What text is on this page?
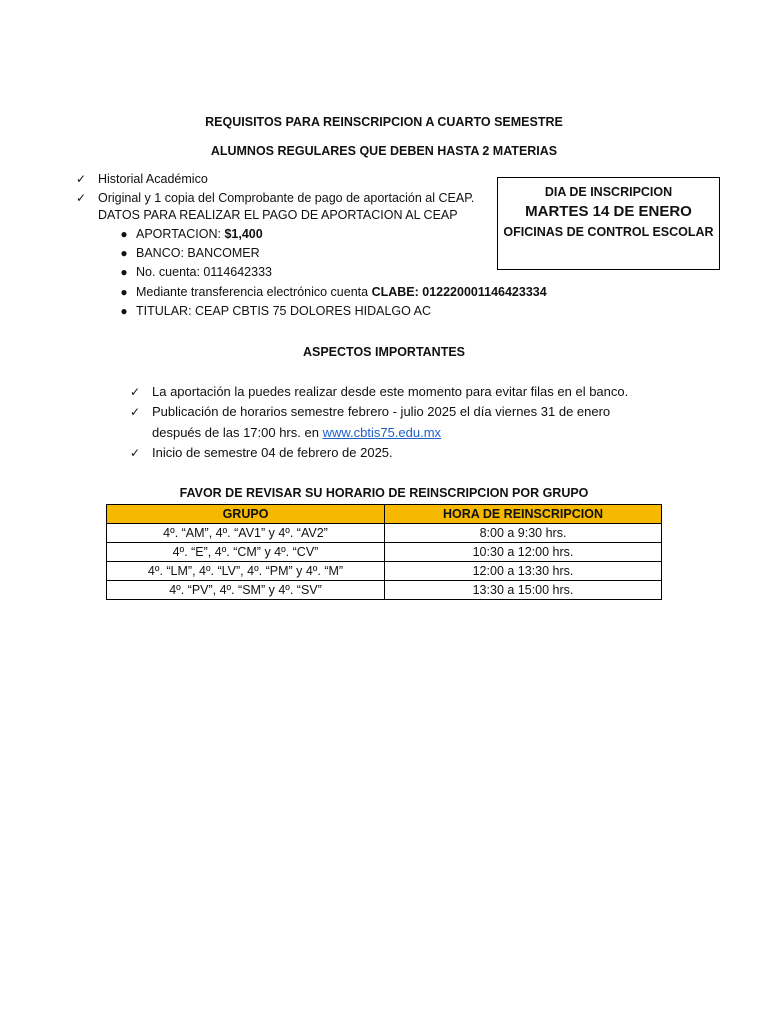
REQUISITOS PARA REINSCRIPCION A CUARTO SEMESTRE
ALUMNOS REGULARES QUE DEBEN HASTA 2 MATERIAS
✓ Historial Académico
✓ Original y 1 copia del Comprobante de pago de aportación al CEAP.
DATOS PARA REALIZAR EL PAGO DE APORTACION AL CEAP
● APORTACION: $1,400
● BANCO: BANCOMER
● No. cuenta: 0114642333
● Mediante transferencia electrónico cuenta CLABE: 012220001146423334
● TITULAR: CEAP CBTIS 75 DOLORES HIDALGO AC
DIA DE INSCRIPCION
MARTES 14 DE ENERO
OFICINAS DE CONTROL ESCOLAR
ASPECTOS IMPORTANTES
✓ La aportación la puedes realizar desde este momento para evitar filas en el banco.
✓ Publicación de horarios semestre febrero - julio 2025 el día viernes 31 de enero
después de las 17:00 hrs. en www.cbtis75.edu.mx
✓ Inicio de semestre 04 de febrero de 2025.
FAVOR DE REVISAR SU HORARIO DE REINSCRIPCION POR GRUPO
GRUPO	HORA DE REINSCRIPCION
4º. “AM”, 4º. “AV1” y 4º. “AV2”	8:00 a 9:30 hrs.
4º. “E”, 4º. “CM” y 4º. “CV”	10:30 a 12:00 hrs.
4º. “LM”, 4º. “LV”, 4º. “PM” y 4º. “M”	12:00 a 13:30 hrs.
4º. “PV”, 4º. “SM” y 4º. “SV”	13:30 a 15:00 hrs.
